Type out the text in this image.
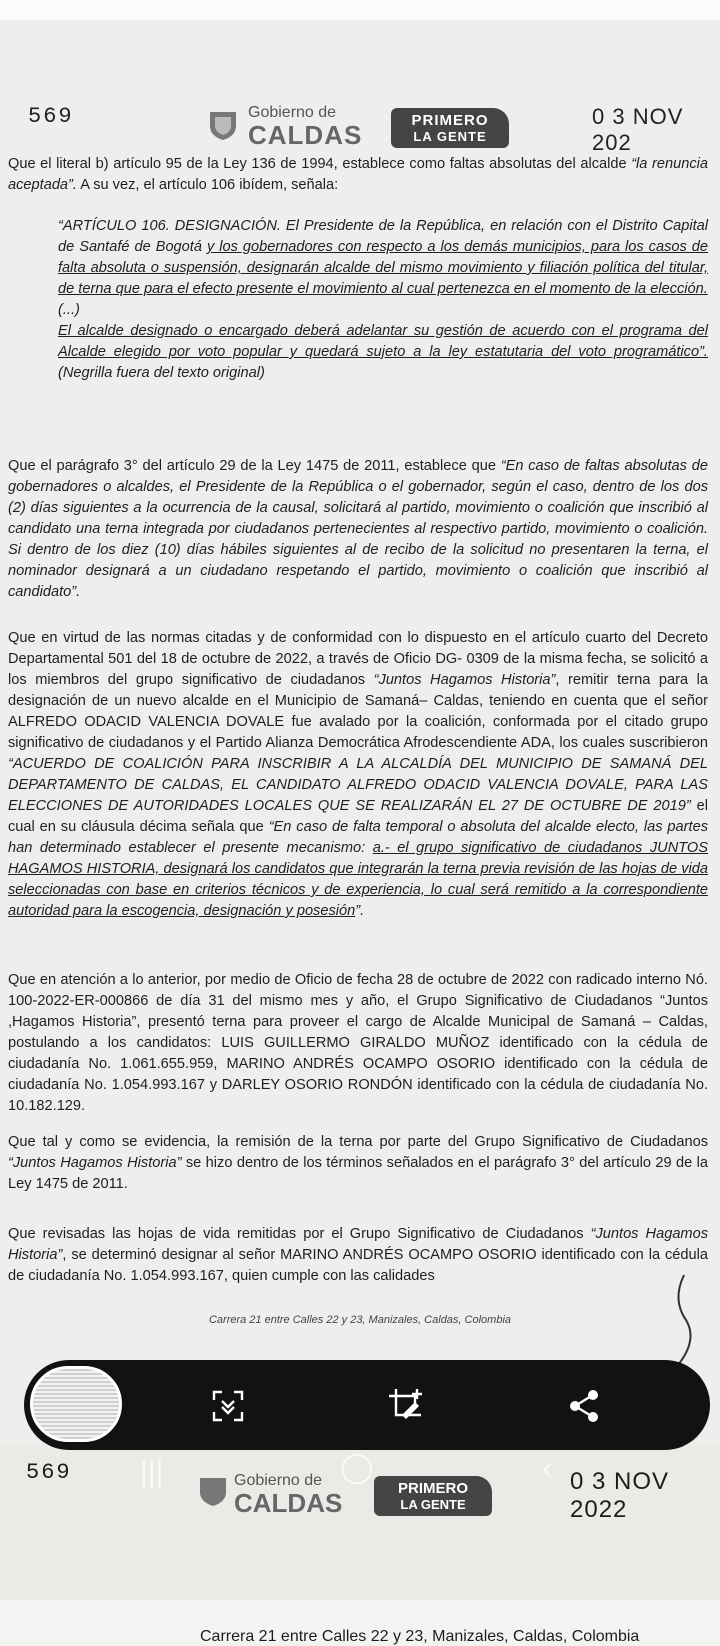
569	Gobierno de
CALDAS	PRIMERO
LA GENTE
0 3 NOV 202
Que el literal b) artículo 95 de la Ley 136 de 1994, establece como faltas absolutas del alcalde “la renuncia aceptada”. A su vez, el artículo 106 ibídem, señala:
“ARTÍCULO 106. DESIGNACIÓN. El Presidente de la República, en relación con el Distrito Capital de Santafé de Bogotá y los gobernadores con respecto a los demás municipios, para los casos de falta absoluta o suspensión, designarán alcalde del mismo movimiento y filiación política del titular, de terna que para el efecto presente el movimiento al cual pertenezca en el momento de la elección.
(...)
El alcalde designado o encargado deberá adelantar su gestión de acuerdo con el programa del Alcalde elegido por voto popular y quedará sujeto a la ley estatutaria del voto programático”. (Negrilla fuera del texto original)
Que el parágrafo 3° del artículo 29 de la Ley 1475 de 2011, establece que “En caso de faltas absolutas de gobernadores o alcaldes, el Presidente de la República o el gobernador, según el caso, dentro de los dos (2) días siguientes a la ocurrencia de la causal, solicitará al partido, movimiento o coalición que inscribió al candidato una terna integrada por ciudadanos pertenecientes al respectivo partido, movimiento o coalición. Si dentro de los diez (10) días hábiles siguientes al de recibo de la solicitud no presentaren la terna, el nominador designará a un ciudadano respetando el partido, movimiento o coalición que inscribió al candidato”.
Que en virtud de las normas citadas y de conformidad con lo dispuesto en el artículo cuarto del Decreto Departamental 501 del 18 de octubre de 2022, a través de Oficio DG- 0309 de la misma fecha, se solicitó a los miembros del grupo significativo de ciudadanos “Juntos Hagamos Historia”, remitir terna para la designación de un nuevo alcalde en el Municipio de Samaná– Caldas, teniendo en cuenta que el señor ALFREDO ODACID VALENCIA DOVALE fue avalado por la coalición, conformada por el citado grupo significativo de ciudadanos y el Partido Alianza Democrática Afrodescendiente ADA, los cuales suscribieron “ACUERDO DE COALICIÓN PARA INSCRIBIR A LA ALCALDÍA DEL MUNICIPIO DE SAMANÁ DEL DEPARTAMENTO DE CALDAS, EL CANDIDATO ALFREDO ODACID VALENCIA DOVALE, PARA LAS ELECCIONES DE AUTORIDADES LOCALES QUE SE REALIZARÁN EL 27 DE OCTUBRE DE 2019” el cual en su cláusula décima señala que “En caso de falta temporal o absoluta del alcalde electo, las partes han determinado establecer el presente mecanismo: a.- el grupo significativo de ciudadanos JUNTOS HAGAMOS HISTORIA, designará los candidatos que integrarán la terna previa revisión de las hojas de vida seleccionadas con base en criterios técnicos y de experiencia, lo cual será remitido a la correspondiente autoridad para la escogencia, designación y posesión”.
Que en atención a lo anterior, por medio de Oficio de fecha 28 de octubre de 2022 con radicado interno Nó. 100-2022-ER-000866 de día 31 del mismo mes y año, el Grupo Significativo de Ciudadanos “Juntos ,Hagamos Historia”, presentó terna para proveer el cargo de Alcalde Municipal de Samaná – Caldas, postulando a los candidatos: LUIS GUILLERMO GIRALDO MUÑOZ identificado con la cédula de ciudadanía No. 1.061.655.959, MARINO ANDRÉS OCAMPO OSORIO identificado con la cédula de ciudadanía No. 1.054.993.167 y DARLEY OSORIO RONDÓN identificado con la cédula de ciudadanía No. 10.182.129.
Que tal y como se evidencia, la remisión de la terna por parte del Grupo Significativo de Ciudadanos “Juntos Hagamos Historia” se hizo dentro de los términos señalados en el parágrafo 3° del artículo 29 de la Ley 1475 de 2011.
Que revisadas las hojas de vida remitidas por el Grupo Significativo de Ciudadanos “Juntos Hagamos Historia”, se determinó designar al señor MARINO ANDRÉS OCAMPO OSORIO identificado con la cédula de ciudadanía No. 1.054.993.167, quien cumple con las calidades
Carrera 21 entre Calles 22 y 23, Manizales, Caldas, Colombia
Carrera 21 entre Calles 22 y 23, Manizales, Caldas, Colombia
569	Gobierno de
CALDAS	PRIMERO
LA GENTE
0 3 NOV 2022
|||	◯	‹
